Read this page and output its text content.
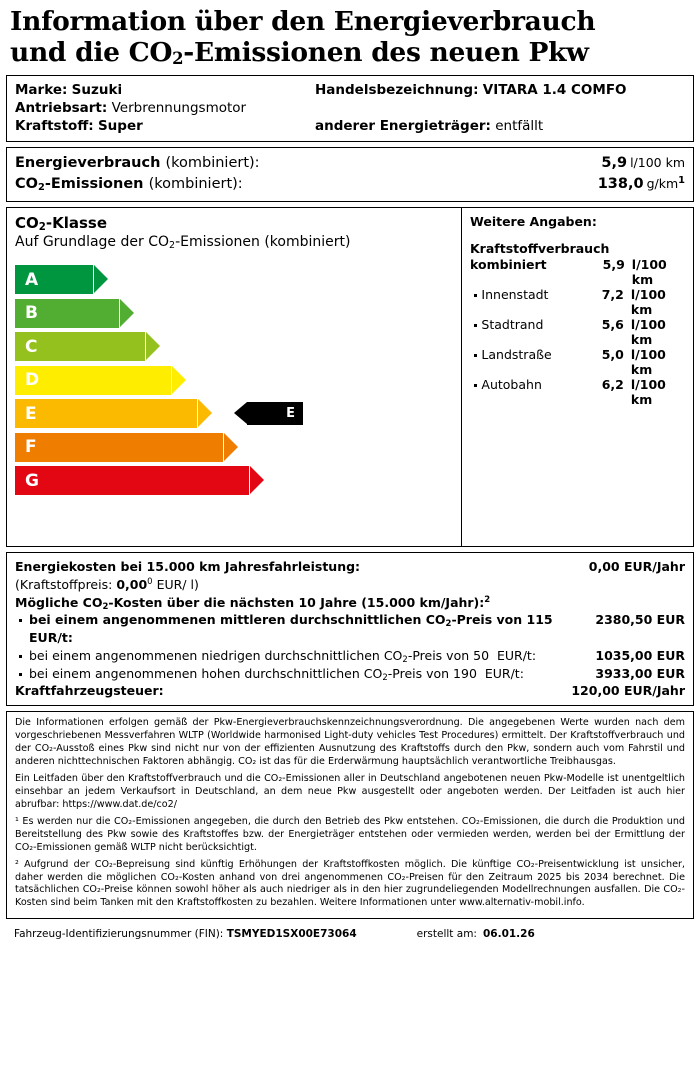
Information über den Energieverbrauch
und die $CO_2$-Emissionen des neuen Pkw
Marke: Suzuki	Handelsbezeichnung: VITARA 1.4 COMFO
Antriebsart: Verbrennungsmotor
Kraftstoff: Super	anderer Energieträger: entfällt
Energieverbrauch (kombiniert):	5,9 l/100 km
$CO_2$-Emissionen (kombiniert):	138,0 $g/km^1$
$CO_2$-Klasse
Auf Grundlage der $CO_2$-Emissionen (kombiniert)
A
B
C
D
E	E
F
G
Weitere Angaben:
Kraftstoffverbrauch
kombiniert	5,9 l/100 km
Innenstadt	7,2 l/100 km
Stadtrand	5,6 l/100 km
Landstraße	5,0 l/100 km
Autobahn	6,2 l/100 km
Energiekosten bei 15.000 km Jahresfahrleistung:	0,00 EUR/Jahr
(Kraftstoffpreis: 0,00$^0$ EUR/ l)
Mögliche $CO_2$-Kosten über die nächsten 10 Jahre (15.000 km/Jahr):$^2$
bei einem angenommenen mittleren durchschnittlichen $CO_2$-Preis von 115  EUR/t:
2380,50 EUR
bei einem angenommenen niedrigen durchschnittlichen $CO_2$-Preis von 50 EUR/t:	1035,00 EUR
bei einem angenommenen hohen durchschnittlichen $CO_2$-Preis von 190 EUR/t:	3933,00 EUR
Kraftfahrzeugsteuer:	120,00 EUR/Jahr

Die Informationen erfolgen gemäß der Pkw-Energieverbrauchskennzeichnungsverordnung. Die angegebenen Werte wurden nach dem vorgeschriebenen Messverfahren WLTP (Worldwide harmonised Light-duty vehicles Test Procedures) ermittelt. Der Kraftstoffverbrauch und der CO₂-Ausstoß eines Pkw sind nicht nur von der effizienten Ausnutzung des Kraftstoffs durch den Pkw, sondern auch vom Fahrstil und anderen nichttechnischen Faktoren abhängig. CO₂ ist das für die Erderwärmung hauptsächlich verantwortliche Treibhausgas.

Ein Leitfaden über den Kraftstoffverbrauch und die CO₂-Emissionen aller in Deutschland angebotenen neuen Pkw-Modelle ist unentgeltlich einsehbar an jedem Verkaufsort in Deutschland, an dem neue Pkw ausgestellt oder angeboten werden. Der Leitfaden ist auch hier abrufbar: https://www.dat.de/co2/

¹ Es werden nur die CO₂-Emissionen angegeben, die durch den Betrieb des Pkw entstehen. CO₂-Emissionen, die durch die Produktion und Bereitstellung des Pkw sowie des Kraftstoffes bzw. der Energieträger entstehen oder vermieden werden, werden bei der Ermittlung der CO₂-Emissionen gemäß WLTP nicht berücksichtigt.

² Aufgrund der CO₂-Bepreisung sind künftig Erhöhungen der Kraftstoffkosten möglich. Die künftige CO₂-Preisentwicklung ist unsicher, daher werden die möglichen CO₂-Kosten anhand von drei angenommenen CO₂-Preisen für den Zeitraum 2025 bis 2034 berechnet. Die tatsächlichen CO₂-Preise können sowohl höher als auch niedriger als in den hier zugrundeliegenden Modellrechnungen ausfallen. Die CO₂-Kosten sind beim Tanken mit den Kraftstoffkosten zu bezahlen. Weitere Informationen unter www.alternativ-mobil.info.

Fahrzeug-Identifizierungsnummer (FIN):
TSMYED1SX00E73064	erstellt am: 06.01.26
